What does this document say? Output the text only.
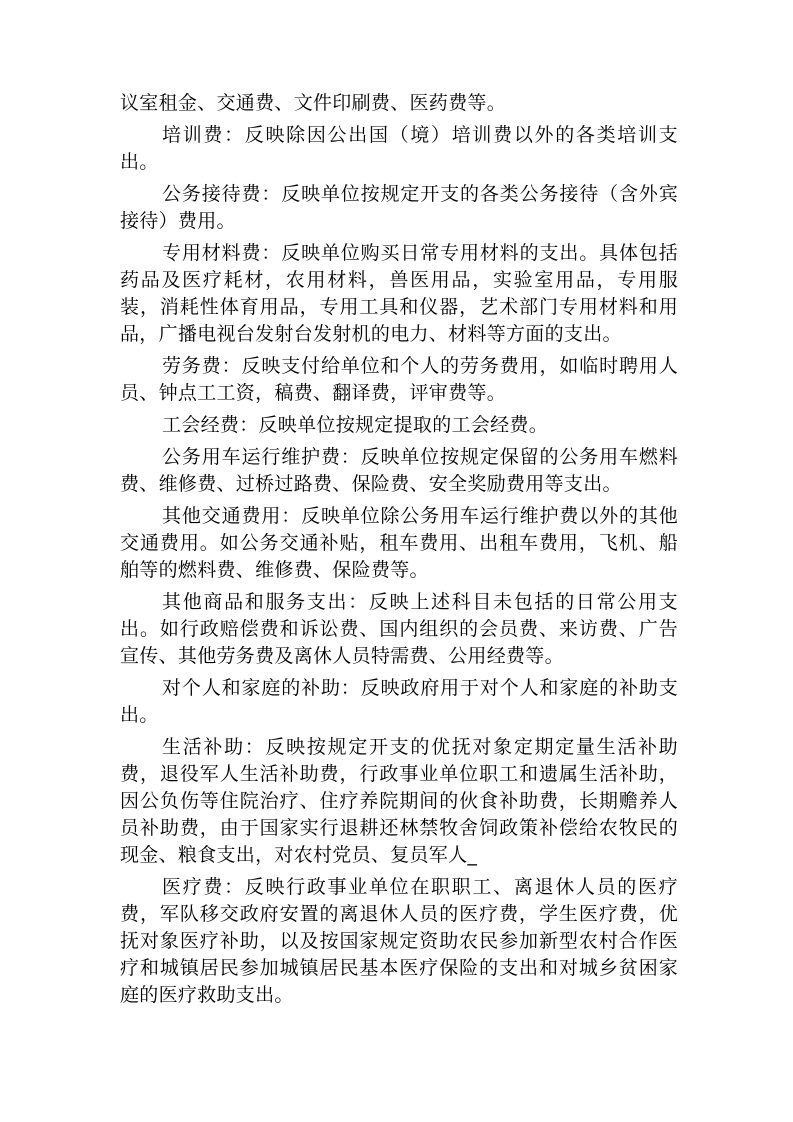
议室租金、交通费、文件印刷费、医药费等。

培训费：反映除因公出国（境）培训费以外的各类培训支出。

公务接待费：反映单位按规定开支的各类公务接待（含外宾接待）费用。

专用材料费：反映单位购买日常专用材料的支出。具体包括药品及医疗耗材，农用材料，兽医用品，实验室用品，专用服装，消耗性体育用品，专用工具和仪器，艺术部门专用材料和用品，广播电视台发射台发射机的电力、材料等方面的支出。

劳务费：反映支付给单位和个人的劳务费用，如临时聘用人员、钟点工工资，稿费、翻译费，评审费等。

工会经费：反映单位按规定提取的工会经费。

公务用车运行维护费：反映单位按规定保留的公务用车燃料费、维修费、过桥过路费、保险费、安全奖励费用等支出。

其他交通费用：反映单位除公务用车运行维护费以外的其他交通费用。如公务交通补贴，租车费用、出租车费用，飞机、船舶等的燃料费、维修费、保险费等。

其他商品和服务支出：反映上述科目未包括的日常公用支出。如行政赔偿费和诉讼费、国内组织的会员费、来访费、广告宣传、其他劳务费及离休人员特需费、公用经费等。

对个人和家庭的补助：反映政府用于对个人和家庭的补助支出。

生活补助：反映按规定开支的优抚对象定期定量生活补助费，退役军人生活补助费，行政事业单位职工和遗属生活补助，因公负伤等住院治疗、住疗养院期间的伙食补助费，长期赡养人员补助费，由于国家实行退耕还林禁牧舍饲政策补偿给农牧民的现金、粮食支出，对农村党员、复员军人_

医疗费：反映行政事业单位在职职工、离退休人员的医疗费，军队移交政府安置的离退休人员的医疗费，学生医疗费，优抚对象医疗补助，以及按国家规定资助农民参加新型农村合作医疗和城镇居民参加城镇居民基本医疗保险的支出和对城乡贫困家庭的医疗救助支出。
